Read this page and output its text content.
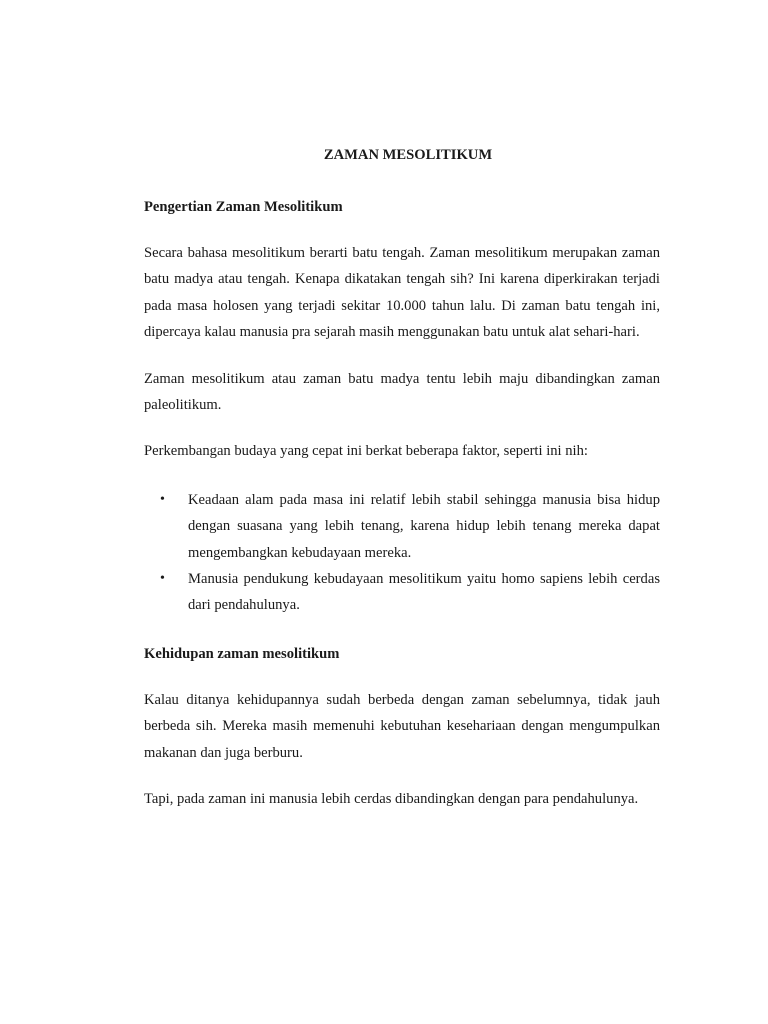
ZAMAN MESOLITIKUM

Pengertian Zaman Mesolitikum

Secara bahasa mesolitikum berarti batu tengah. Zaman mesolitikum merupakan zaman batu madya atau tengah. Kenapa dikatakan tengah sih? Ini karena diperkirakan terjadi pada masa holosen yang terjadi sekitar 10.000 tahun lalu. Di zaman batu tengah ini, dipercaya kalau manusia pra sejarah masih menggunakan batu untuk alat sehari-hari.

Zaman mesolitikum atau zaman batu madya tentu lebih maju dibandingkan zaman paleolitikum.

Perkembangan budaya yang cepat ini berkat beberapa faktor, seperti ini nih:

• Keadaan alam pada masa ini relatif lebih stabil sehingga manusia bisa hidup dengan suasana yang lebih tenang, karena hidup lebih tenang mereka dapat mengembangkan kebudayaan mereka.
• Manusia pendukung kebudayaan mesolitikum yaitu homo sapiens lebih cerdas dari pendahulunya.

Kehidupan zaman mesolitikum

Kalau ditanya kehidupannya sudah berbeda dengan zaman sebelumnya, tidak jauh berbeda sih. Mereka masih memenuhi kebutuhan kesehariaan dengan mengumpulkan makanan dan juga berburu.

Tapi, pada zaman ini manusia lebih cerdas dibandingkan dengan para pendahulunya.
